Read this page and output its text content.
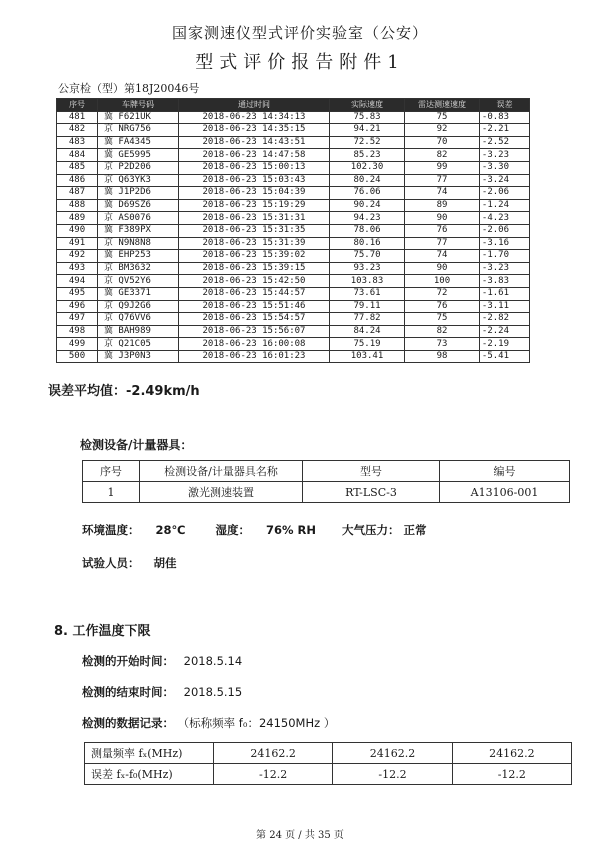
国家测速仪型式评价实验室（公安）
型式评价报告附件1
公京检（型）第18J20046号
序号	车牌号码	通过时间	实际速度	雷达测速速度	误差
481	冀 F621UK	2018-06-23 14:34:13	75.83	75	-0.83
482	京 NRG756	2018-06-23 14:35:15	94.21	92	-2.21
483	冀 FA4345	2018-06-23 14:43:51	72.52	70	-2.52
484	冀 GE5995	2018-06-23 14:47:58	85.23	82	-3.23
485	京 P2D206	2018-06-23 15:00:13	102.30	99	-3.30
486	京 Q63YK3	2018-06-23 15:03:43	80.24	77	-3.24
487	冀 J1P2D6	2018-06-23 15:04:39	76.06	74	-2.06
488	冀 D69SZ6	2018-06-23 15:19:29	90.24	89	-1.24
489	京 AS0076	2018-06-23 15:31:31	94.23	90	-4.23
490	冀 F389PX	2018-06-23 15:31:35	78.06	76	-2.06
491	京 N9N8N8	2018-06-23 15:31:39	80.16	77	-3.16
492	冀 EHP253	2018-06-23 15:39:02	75.70	74	-1.70
493	京 BM3632	2018-06-23 15:39:15	93.23	90	-3.23
494	京 QV52Y6	2018-06-23 15:42:50	103.83	100	-3.83
495	冀 GE3371	2018-06-23 15:44:57	73.61	72	-1.61
496	京 Q9J2G6	2018-06-23 15:51:46	79.11	76	-3.11
497	京 Q76VV6	2018-06-23 15:54:57	77.82	75	-2.82
498	冀 BAH989	2018-06-23 15:56:07	84.24	82	-2.24
499	京 Q21C05	2018-06-23 16:00:08	75.19	73	-2.19
500	冀 J3P0N3	2018-06-23 16:01:23	103.41	98	-5.41
误差平均值：-2.49km/h
检测设备/计量器具：
序号	检测设备/计量器具名称	型号	编号
1	激光测速装置	RT-LSC-3	A13106-001
环境温度： 28℃	湿度： 76% RH 大气压力： 正常
试验人员： 胡佳
8. 工作温度下限
检测的开始时间： 2018.5.14
检测的结束时间： 2018.5.15
检测的数据记录： （标称频率 f₀：24150MHz ）
测量频率 fₓ(MHz)	24162.2	24162.2	24162.2
误差 fₓ-f₀(MHz)	-12.2	-12.2	-12.2
第 24 页 / 共 35 页
